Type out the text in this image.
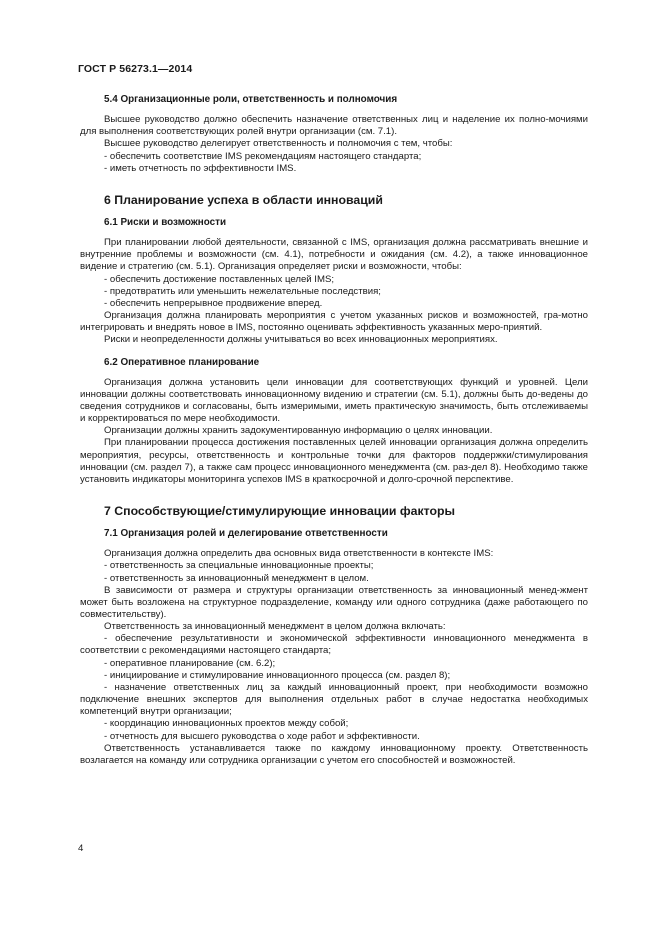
ГОСТ Р 56273.1—2014

5.4 Организационные роли, ответственность и полномочия

Высшее руководство должно обеспечить назначение ответственных лиц и наделение их полно-мочиями для выполнения соответствующих ролей внутри организации (см. 7.1).

Высшее руководство делегирует ответственность и полномочия с тем, чтобы:

- обеспечить соответствие IMS рекомендациям настоящего стандарта;

- иметь отчетность по эффективности IMS.

6 Планирование успеха в области инноваций

6.1 Риски и возможности

При планировании любой деятельности, связанной с IMS, организация должна рассматривать внешние и внутренние проблемы и возможности (см. 4.1), потребности и ожидания (см. 4.2), а также инновационное видение и стратегию (см. 5.1). Организация определяет риски и возможности, чтобы:

- обеспечить достижение поставленных целей IMS;

- предотвратить или уменьшить нежелательные последствия;

- обеспечить непрерывное продвижение вперед.

Организация должна планировать мероприятия с учетом указанных рисков и возможностей, гра-мотно интегрировать и внедрять новое в IMS, постоянно оценивать эффективность указанных меро-приятий.

Риски и неопределенности должны учитываться во всех инновационных мероприятиях.

6.2 Оперативное планирование

Организация должна установить цели инновации для соответствующих функций и уровней. Цели инновации должны соответствовать инновационному видению и стратегии (см. 5.1), должны быть до-ведены до сведения сотрудников и согласованы, быть измеримыми, иметь практическую значимость, быть отслеживаемы и корректироваться по мере необходимости.

Организации должны хранить задокументированную информацию о целях инновации.

При планировании процесса достижения поставленных целей инновации организация должна определить мероприятия, ресурсы, ответственность и контрольные точки для факторов поддержки/стимулирования инновации (см. раздел 7), а также сам процесс инновационного менеджмента (см. раз-дел 8). Необходимо также установить индикаторы мониторинга успехов IMS в краткосрочной и долго-срочной перспективе.

7 Способствующие/стимулирующие инновации факторы

7.1 Организация ролей и делегирование ответственности

Организация должна определить два основных вида ответственности в контексте IMS:

- ответственность за специальные инновационные проекты;

- ответственность за инновационный менеджмент в целом.

В зависимости от размера и структуры организации ответственность за инновационный менед-жмент может быть возложена на структурное подразделение, команду или одного сотрудника (даже работающего по совместительству).

Ответственность за инновационный менеджмент в целом должна включать:

- обеспечение результативности и экономической эффективности инновационного менеджмента в соответствии с рекомендациями настоящего стандарта;

- оперативное планирование (см. 6.2);

- инициирование и стимулирование инновационного процесса (см. раздел 8);

- назначение ответственных лиц за каждый инновационный проект, при необходимости возможно подключение внешних экспертов для выполнения отдельных работ в случае недостатка необходимых компетенций внутри организации;

- координацию инновационных проектов между собой;

- отчетность для высшего руководства о ходе работ и эффективности.

Ответственность устанавливается также по каждому инновационному проекту. Ответственность возлагается на команду или сотрудника организации с учетом его способностей и возможностей.

4
